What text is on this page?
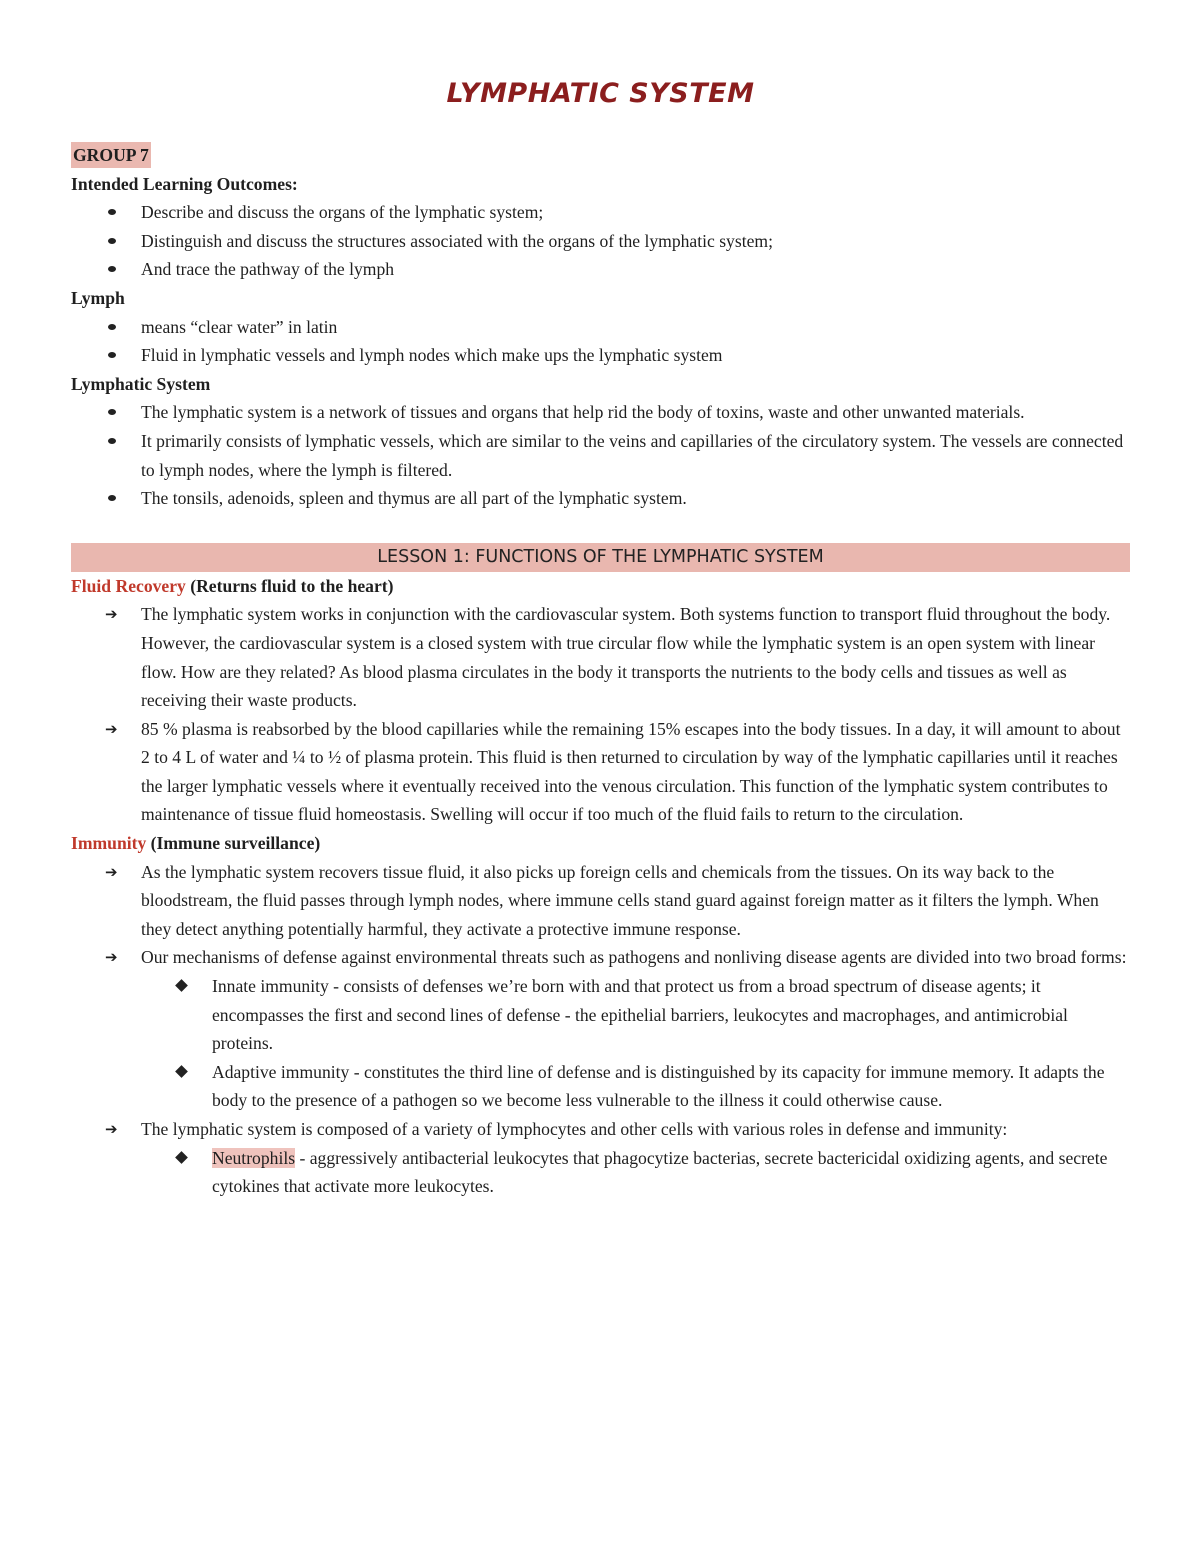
LYMPHATIC SYSTEM
GROUP 7
Intended Learning Outcomes:
Describe and discuss the organs of the lymphatic system;
Distinguish and discuss the structures associated with the organs of the lymphatic system;
And trace the pathway of the lymph
Lymph
means “clear water” in latin
Fluid in lymphatic vessels and lymph nodes which make ups the lymphatic system
Lymphatic System
The lymphatic system is a network of tissues and organs that help rid the body of toxins, waste and other unwanted materials.
It primarily consists of lymphatic vessels, which are similar to the veins and capillaries of the circulatory system. The vessels are connected to lymph nodes, where the lymph is filtered.
The tonsils, adenoids, spleen and thymus are all part of the lymphatic system.
LESSON 1: FUNCTIONS OF THE LYMPHATIC SYSTEM
Fluid Recovery (Returns fluid to the heart)
➔ The lymphatic system works in conjunction with the cardiovascular system. Both systems function to transport fluid throughout the body. However, the cardiovascular system is a closed system with true circular flow while the lymphatic system is an open system with linear flow. How are they related? As blood plasma circulates in the body it transports the nutrients to the body cells and tissues as well as receiving their waste products.
➔ 85 % plasma is reabsorbed by the blood capillaries while the remaining 15% escapes into the body tissues. In a day, it will amount to about 2 to 4 L of water and ¼ to ½ of plasma protein. This fluid is then returned to circulation by way of the lymphatic capillaries until it reaches the larger lymphatic vessels where it eventually received into the venous circulation. This function of the lymphatic system contributes to maintenance of tissue fluid homeostasis. Swelling will occur if too much of the fluid fails to return to the circulation.
Immunity (Immune surveillance)
➔ As the lymphatic system recovers tissue fluid, it also picks up foreign cells and chemicals from the tissues. On its way back to the bloodstream, the fluid passes through lymph nodes, where immune cells stand guard against foreign matter as it filters the lymph. When they detect anything potentially harmful, they activate a protective immune response.
➔ Our mechanisms of defense against environmental threats such as pathogens and nonliving disease agents are divided into two broad forms:
Innate immunity - consists of defenses we’re born with and that protect us from a broad spectrum of disease agents; it encompasses the first and second lines of defense - the epithelial barriers, leukocytes and macrophages, and antimicrobial proteins.
Adaptive immunity - constitutes the third line of defense and is distinguished by its capacity for immune memory. It adapts the body to the presence of a pathogen so we become less vulnerable to the illness it could otherwise cause.
➔ The lymphatic system is composed of a variety of lymphocytes and other cells with various roles in defense and immunity:
Neutrophils - aggressively antibacterial leukocytes that phagocytize bacterias, secrete bactericidal oxidizing agents, and secrete cytokines that activate more leukocytes.
